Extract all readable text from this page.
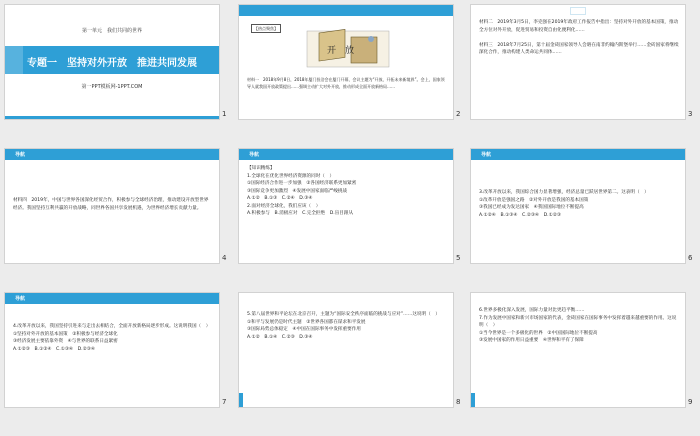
第一单元　我们共同的世界
专题一　坚持对外开放　推进共同发展
第一PPT模板网-1PPT.COM
1
【热点聚焦】
开　放
材料一　2018年9月8日，2018年厦门投洽会在厦门开幕，会议主题为“开放、开拓未来新境界”。会上，国家领导人就我国开放政策提出……强调主动扩大对外开放，推动形成全面开放新格局……
2
材料二　2019年3月5日，李克强在2019年政府工作报告中指出：坚持对外开放的基本国策，推动全方位对外开放，促进贸易和投资自由化便利化……

材料三　2018年7月25日，第十届金砖国家领导人会晤在南非约翰内斯堡举行……金砖国家将继续深化合作，推动构建人类命运共同体……
3
导航
材料四　2019年，中国与世界各国深化经贸合作，积极参与全球经济治理，推动建设开放型世界经济。我国坚持互利共赢的开放战略，同世界各国共享发展机遇，为世界经济增长贡献力量。
4
导航
【知识精练】
1.全球化在优化世界经济资源的同时（　）
①国际经济合作进一步加强　②各国经济联系更加紧密
③国际竞争更加激烈　④发展中国家面临严峻挑战
A.①②　B.①③　C.②④　D.③④
2.面对经济全球化，我们应该（　）
A.积极参与　B.消极应对　C.完全拒绝　D.盲目跟从
5
导航
3.改革开放以来，我国综合国力显著增强，经济总量已跃居世界第二。这表明（　）
①改革开放是强国之路　②对外开放是我国的基本国策
③我国已经成为发达国家　④我国国际地位不断提高
A.①②④　B.①③④　C.②③④　D.①②③
6
导航
4.改革开放以来，我国坚持引进来与走出去相结合，全面开放新格局逐步形成。这说明我国（　）
①坚持对外开放的基本国策　②积极参与经济全球化
③经济发展主要依靠外资　④与世界的联系日益紧密
A.①②③　B.①②④　C.①③④　D.②③④
7
5.第八届世界和平论坛在北京召开，主题为“国际安全秩序面临的挑战与应对”……这说明（　）
①和平与发展仍是时代主题　②世界各国都在谋求和平发展
③国际局势总体稳定　④中国在国际事务中发挥重要作用
A.①②　B.①④　C.②③　D.③④
8
6.世界多极化深入发展，国际力量对比更趋平衡……
7.作为发展中国家和新兴市场国家的代表，金砖国家在国际事务中发挥着越来越重要的作用。这说明（　）
①当今世界是一个多极化的世界　②中国国际地位不断提高
③发展中国家的作用日益重要　④世界和平有了保障
9
